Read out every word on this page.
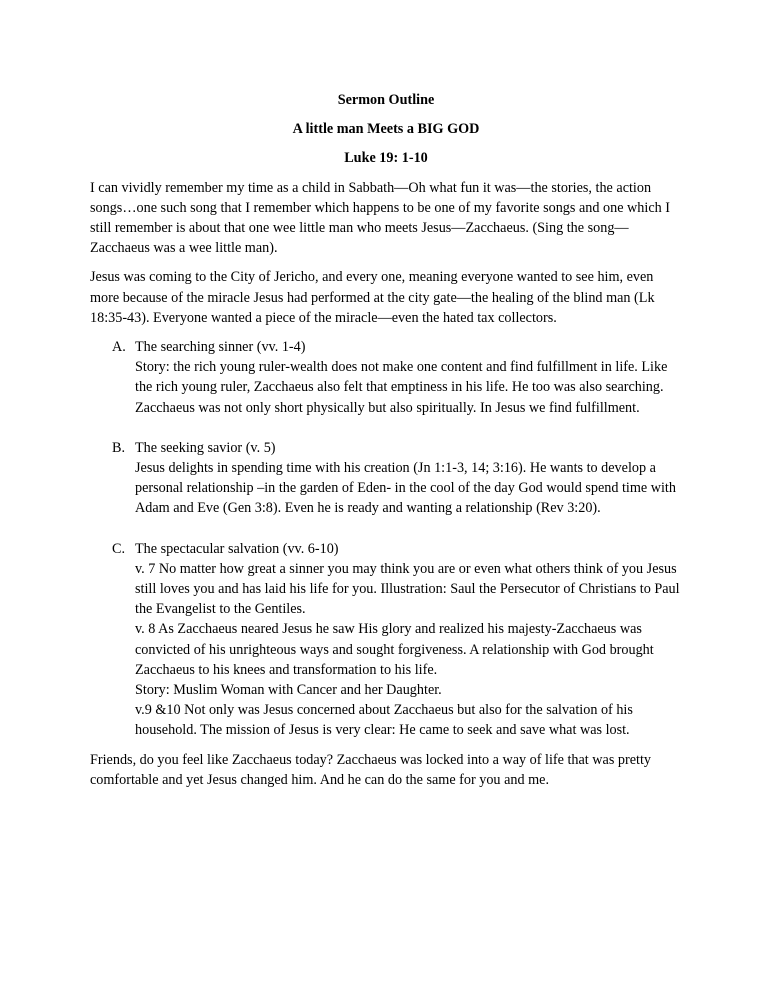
Sermon Outline

A little man Meets a BIG GOD

Luke 19: 1-10

I can vividly remember my time as a child in Sabbath—Oh what fun it was—the stories, the action songs…one such song that I remember which happens to be one of my favorite songs and one which I still remember is about that one wee little man who meets Jesus—Zacchaeus. (Sing the song—Zacchaeus was a wee little man).

Jesus was coming to the City of Jericho, and every one, meaning everyone wanted to see him, even more because of the miracle Jesus had performed at the city gate—the healing of the blind man (Lk 18:35-43). Everyone wanted a piece of the miracle—even the hated tax collectors.

A. The searching sinner (vv. 1-4)
Story: the rich young ruler-wealth does not make one content and find fulfillment in life. Like the rich young ruler, Zacchaeus also felt that emptiness in his life. He too was also searching. Zacchaeus was not only short physically but also spiritually. In Jesus we find fulfillment.
B. The seeking savior (v. 5)
Jesus delights in spending time with his creation (Jn 1:1-3, 14; 3:16). He wants to develop a personal relationship –in the garden of Eden- in the cool of the day God would spend time with Adam and Eve (Gen 3:8). Even he is ready and wanting a relationship (Rev 3:20).
C. The spectacular salvation (vv. 6-10)
v. 7 No matter how great a sinner you may think you are or even what others think of you Jesus still loves you and has laid his life for you. Illustration: Saul the Persecutor of Christians to Paul the Evangelist to the Gentiles.
v. 8 As Zacchaeus neared Jesus he saw His glory and realized his majesty-Zacchaeus was convicted of his unrighteous ways and sought forgiveness. A relationship with God brought Zacchaeus to his knees and transformation to his life.
Story: Muslim Woman with Cancer and her Daughter.
v.9 &10 Not only was Jesus concerned about Zacchaeus but also for the salvation of his household. The mission of Jesus is very clear: He came to seek and save what was lost.

Friends, do you feel like Zacchaeus today? Zacchaeus was locked into a way of life that was pretty comfortable and yet Jesus changed him. And he can do the same for you and me.
